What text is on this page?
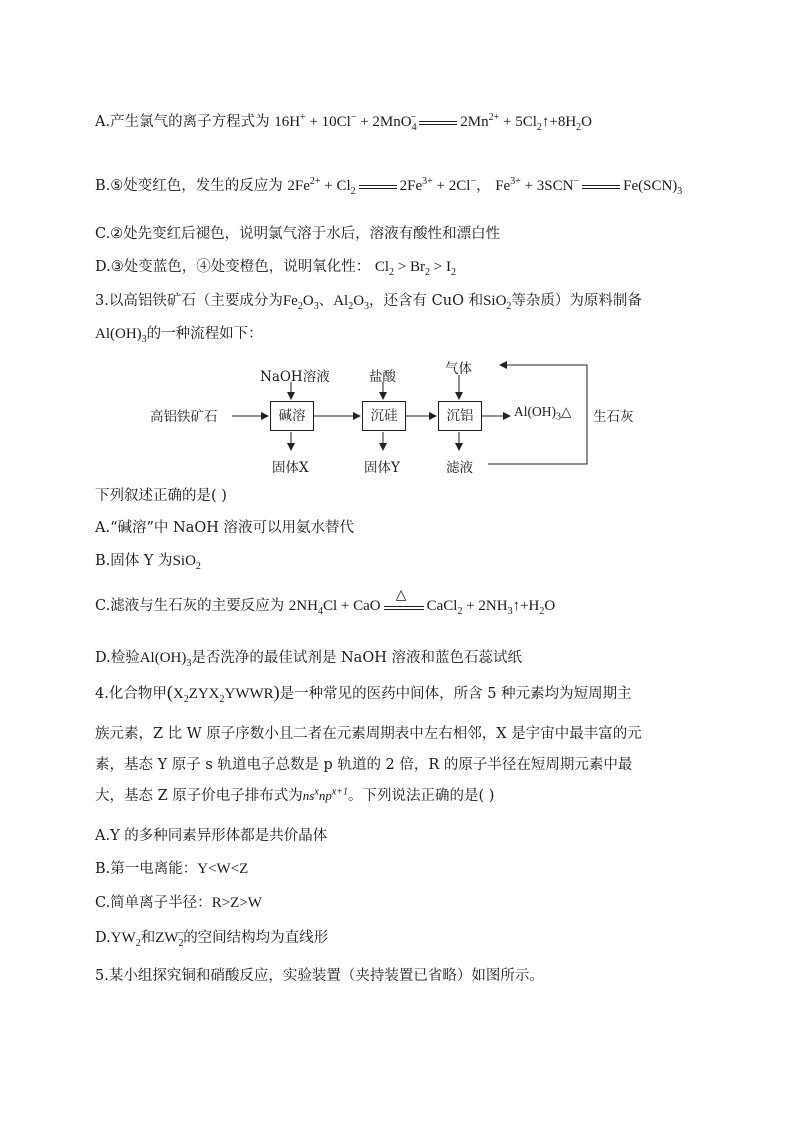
A.产生氯气的离子方程式为 16H+ + 10Cl− + 2MnO$_4$−	$2Mn^{2+}$ + $5Cl_2↑+8H_2O$
B.⑤处变红色，发生的反应为 $2Fe^{2+} + Cl_2$	$2Fe^{3+} + 2Cl^-$， $Fe^{3+} + 3SCN^-$	$Fe(SCN)_3$
C.②处先变红后褪色，说明氯气溶于水后，溶液有酸性和漂白性
D.③处变蓝色，④处变橙色，说明氧化性： $Cl_2 > Br_2 > I_2$
3.以高铝铁矿石（主要成分为$Fe_2O_3$、$Al_2O_3$，还含有 CuO 和SiO$_2$等杂质）为原料制备
$Al(OH)_3$的一种流程如下：
高铝铁矿石
NaOH溶液	盐酸	气体
碱溶	沉硅	沉铝	$Al(OH)_3\triangle$ 生石灰
固体X	固体Y	滤液
下列叙述正确的是( )
A.“碱溶”中 NaOH 溶液可以用氨水替代
B.固体 Y 为SiO$_2$
C.滤液与生石灰的主要反应为 $2NH_4Cl$ + CaO
△
CaCl$_2$ + $2NH_3↑+H_2O$
D.检验$Al(OH)_3$是否洗净的最佳试剂是 NaOH 溶液和蓝色石蕊试纸
4.化合物甲$(X_2ZYX_2YWWR)$是一种常见的医药中间体，所含 5 种元素均为短周期主
族元素，Z 比 W 原子序数小且二者在元素周期表中左右相邻，X 是宇宙中最丰富的元
素，基态 Y 原子 s 轨道电子总数是 p 轨道的 2 倍，R 的原子半径在短周期元素中最
大，基态 Z 原子价电子排布式为$ns^xnp^{x+1}$。下列说法正确的是( )
A.Y 的多种同素异形体都是共价晶体
B.第一电离能：Y<W<Z
C.简单离子半径：R>Z>W
$D.YW_2$和$ZW_2^-$的空间结构均为直线形
5.某小组探究铜和硝酸反应，实验装置（夹持装置已省略）如图所示。
